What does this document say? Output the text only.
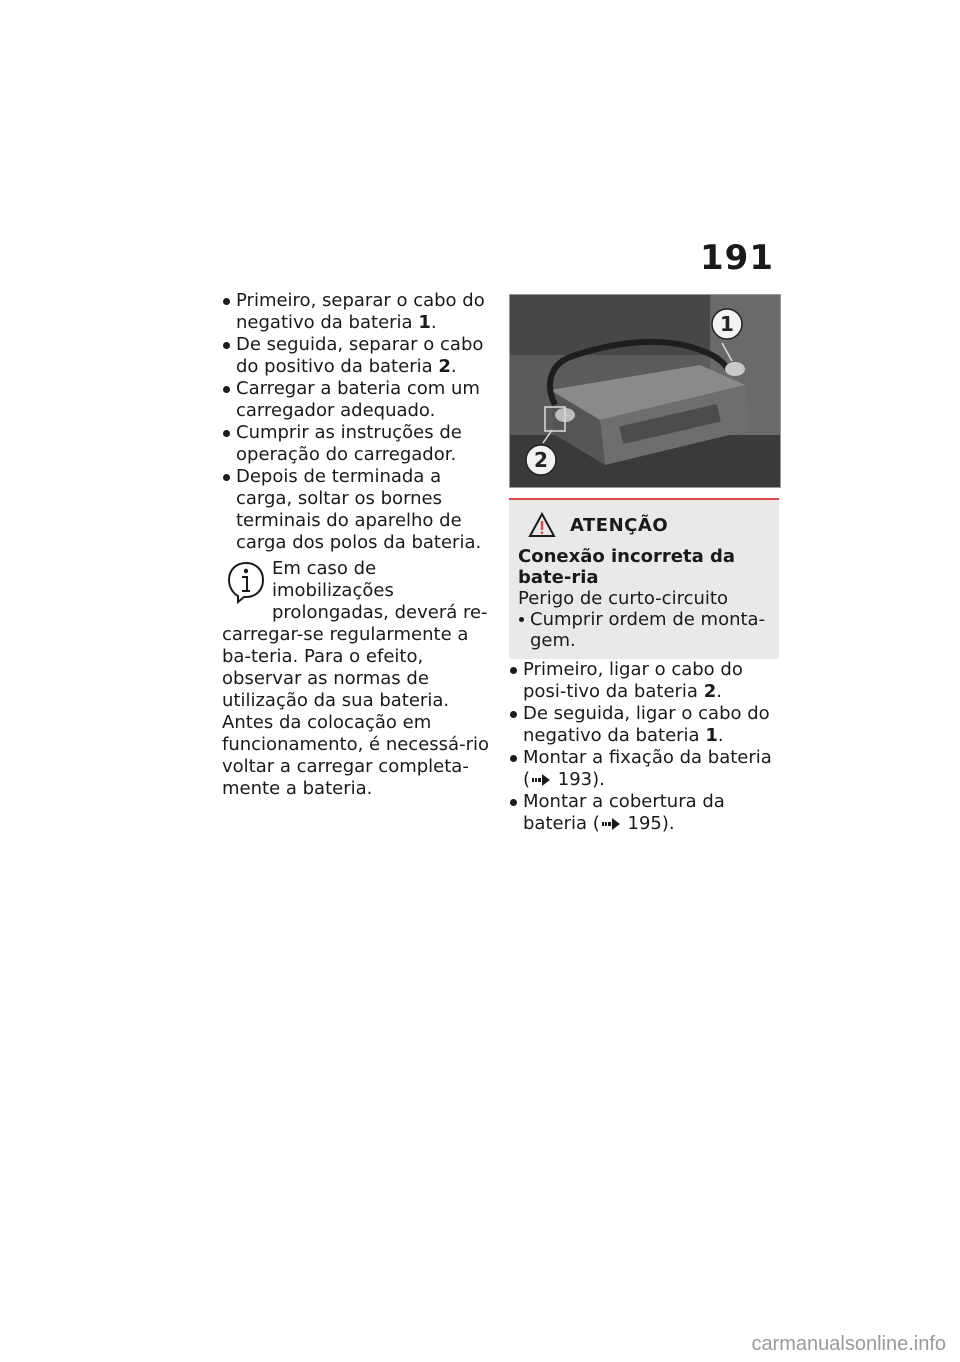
191
Primeiro, separar o cabo do negativo da bateria 1.
De seguida, separar o cabo do positivo da bateria 2.
Carregar a bateria com um carregador adequado.
Cumprir as instruções de operação do carregador.
Depois de terminada a carga, soltar os bornes terminais do aparelho de carga dos polos da bateria.
Em caso de imobilizações prolongadas, deverá re-carregar-se regularmente a ba-teria. Para o efeito, observar as normas de utilização da sua bateria. Antes da colocação em funcionamento, é necessá-rio voltar a carregar completa-mente a bateria.
1
2
ATENÇÃO
Conexão incorreta da bate-ria
Perigo de curto-circuito
Cumprir ordem de monta-gem.
Primeiro, ligar o cabo do posi-tivo da bateria 2.
De seguida, ligar o cabo do negativo da bateria 1.
Montar a fixação da bateria ( 193).
Montar a cobertura da bateria ( 195).
carmanualsonline.info
